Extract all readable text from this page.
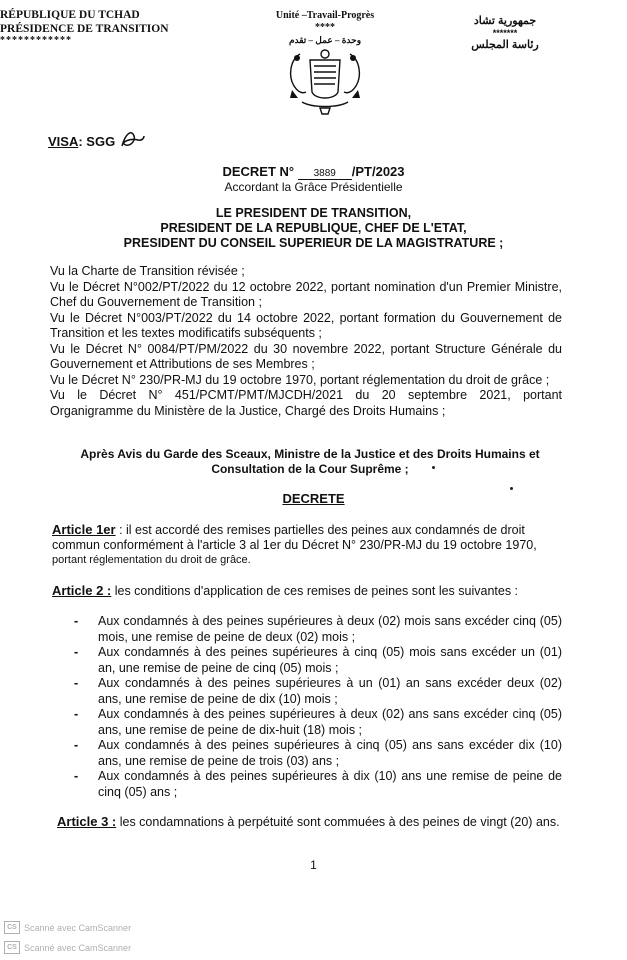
RÉPUBLIQUE DU TCHAD
PRÉSIDENCE DE TRANSITION
************
Unité –Travail-Progrès
****
وحدة – عمل – تقدم
جمهورية تشاد
*******
رئاسة المجلس
VISA: SGG
DECRET N° 3889 /PT/2023
Accordant la Grâce Présidentielle
LE PRESIDENT DE TRANSITION,
PRESIDENT DE LA REPUBLIQUE, CHEF DE L'ETAT,
PRESIDENT DU CONSEIL SUPERIEUR DE LA MAGISTRATURE ;

Vu la Charte de Transition révisée ;

Vu le Décret N°002/PT/2022 du 12 octobre 2022, portant nomination d'un Premier Ministre, Chef du Gouvernement de Transition ;

Vu le Décret N°003/PT/2022 du 14 octobre 2022, portant formation du Gouvernement de Transition et les textes modificatifs subséquents ;

Vu le Décret N° 0084/PT/PM/2022 du 30 novembre 2022, portant Structure Générale du Gouvernement et Attributions de ses Membres ;

Vu le Décret N° 230/PR-MJ du 19 octobre 1970, portant réglementation du droit de grâce ;

Vu le Décret N° 451/PCMT/PMT/MJCDH/2021 du 20 septembre 2021, portant Organigramme du Ministère de la Justice, Chargé des Droits Humains ;

Après Avis du Garde des Sceaux, Ministre de la Justice et des Droits Humains et Consultation de la Cour Suprême ;
DECRETE
Article 1er : il est accordé des remises partielles des peines aux condamnés de droit commun conformément à l'article 3 al 1er du Décret N° 230/PR-MJ du 19 octobre 1970,
portant réglementation du droit de grâce.
Article 2 : les conditions d'application de ces remises de peines sont les suivantes :
- Aux condamnés à des peines supérieures à deux (02) mois sans excéder cinq (05) mois, une remise de peine de deux (02) mois ;
- Aux condamnés à des peines supérieures à cinq (05) mois sans excéder un (01) an, une remise de peine de cinq (05) mois ;
- Aux condamnés à des peines supérieures à un (01) an sans excéder deux (02) ans, une remise de peine de dix (10) mois ;
- Aux condamnés à des peines supérieures à deux (02) ans sans excéder cinq (05) ans, une remise de peine de dix-huit (18) mois ;
- Aux condamnés à des peines supérieures à cinq (05) ans sans excéder dix (10) ans, une remise de peine de trois (03) ans ;
- Aux condamnés à des peines supérieures à dix (10) ans une remise de peine de cinq (05) ans ;
Article 3 : les condamnations à perpétuité sont commuées à des peines de vingt (20) ans.
1
CS Scanné avec CamScanner
CS Scanné avec CamScanner
